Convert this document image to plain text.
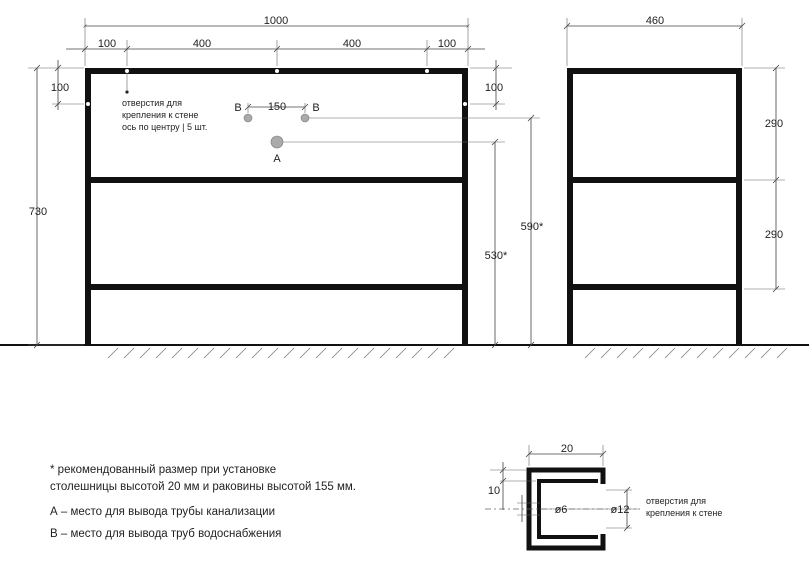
1000
100	400	400	100
100
730
100
590*
530*
B 150 B
A
отверстия для
крепления к стене
ось по центру | 5 шт.
460
290
290
20
10
ø6	ø12
отверстия для
крепления к стене
* рекомендованный размер при установке
столешницы высотой 20 мм и раковины высотой 155 мм.
А – место для вывода трубы канализации
В – место для вывода труб водоснабжения
